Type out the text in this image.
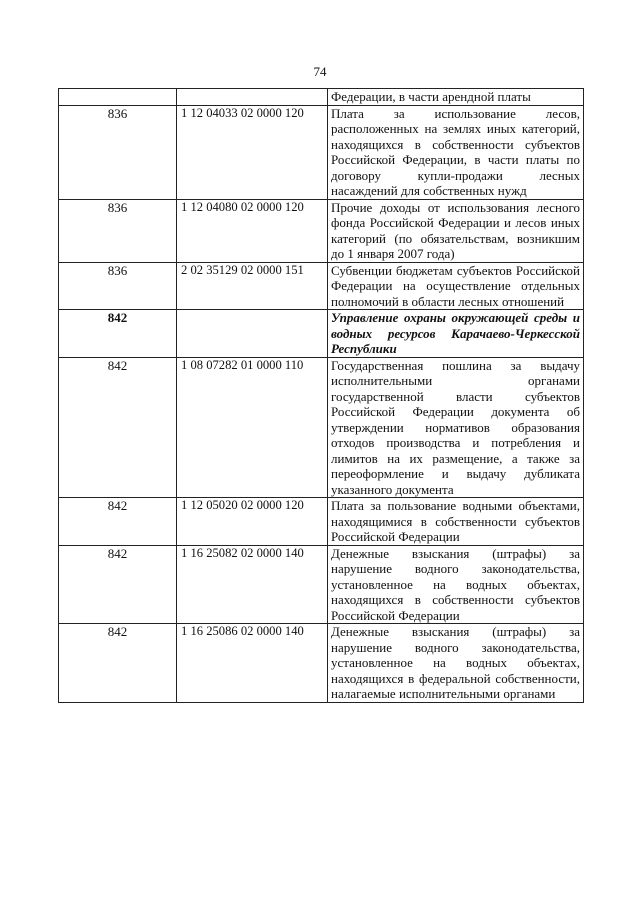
74
		Федерации, в части арендной платы
836	1 12 04033 02 0000 120	Плата за использование лесов, расположенных на землях иных категорий, находящихся в собственности субъектов Российской Федерации, в части платы по договору купли-продажи лесных насаждений для собственных нужд
836	1 12 04080 02 0000 120	Прочие доходы от использования лесного фонда Российской Федерации и лесов иных категорий (по обязательствам, возникшим до 1 января 2007 года)
836	2 02 35129 02 0000 151	Субвенции бюджетам субъектов Российской Федерации на осуществление отдельных полномочий в области лесных отношений
842		Управление охраны окружающей среды и водных ресурсов Карачаево-Черкесской Республики
842	1 08 07282 01 0000 110	Государственная пошлина за выдачу исполнительными органами государственной власти субъектов Российской Федерации документа об утверждении нормативов образования отходов производства и потребления и лимитов на их размещение, а также за переоформление и выдачу дубликата указанного документа
842	1 12 05020 02 0000 120	Плата за пользование водными объектами, находящимися в собственности субъектов Российской Федерации
842	1 16 25082 02 0000 140	Денежные взыскания (штрафы) за нарушение водного законодательства, установленное на водных объектах, находящихся в собственности субъектов Российской Федерации
842	1 16 25086 02 0000 140	Денежные взыскания (штрафы) за нарушение водного законодательства, установленное на водных объектах, находящихся в федеральной собственности, налагаемые исполнительными органами
